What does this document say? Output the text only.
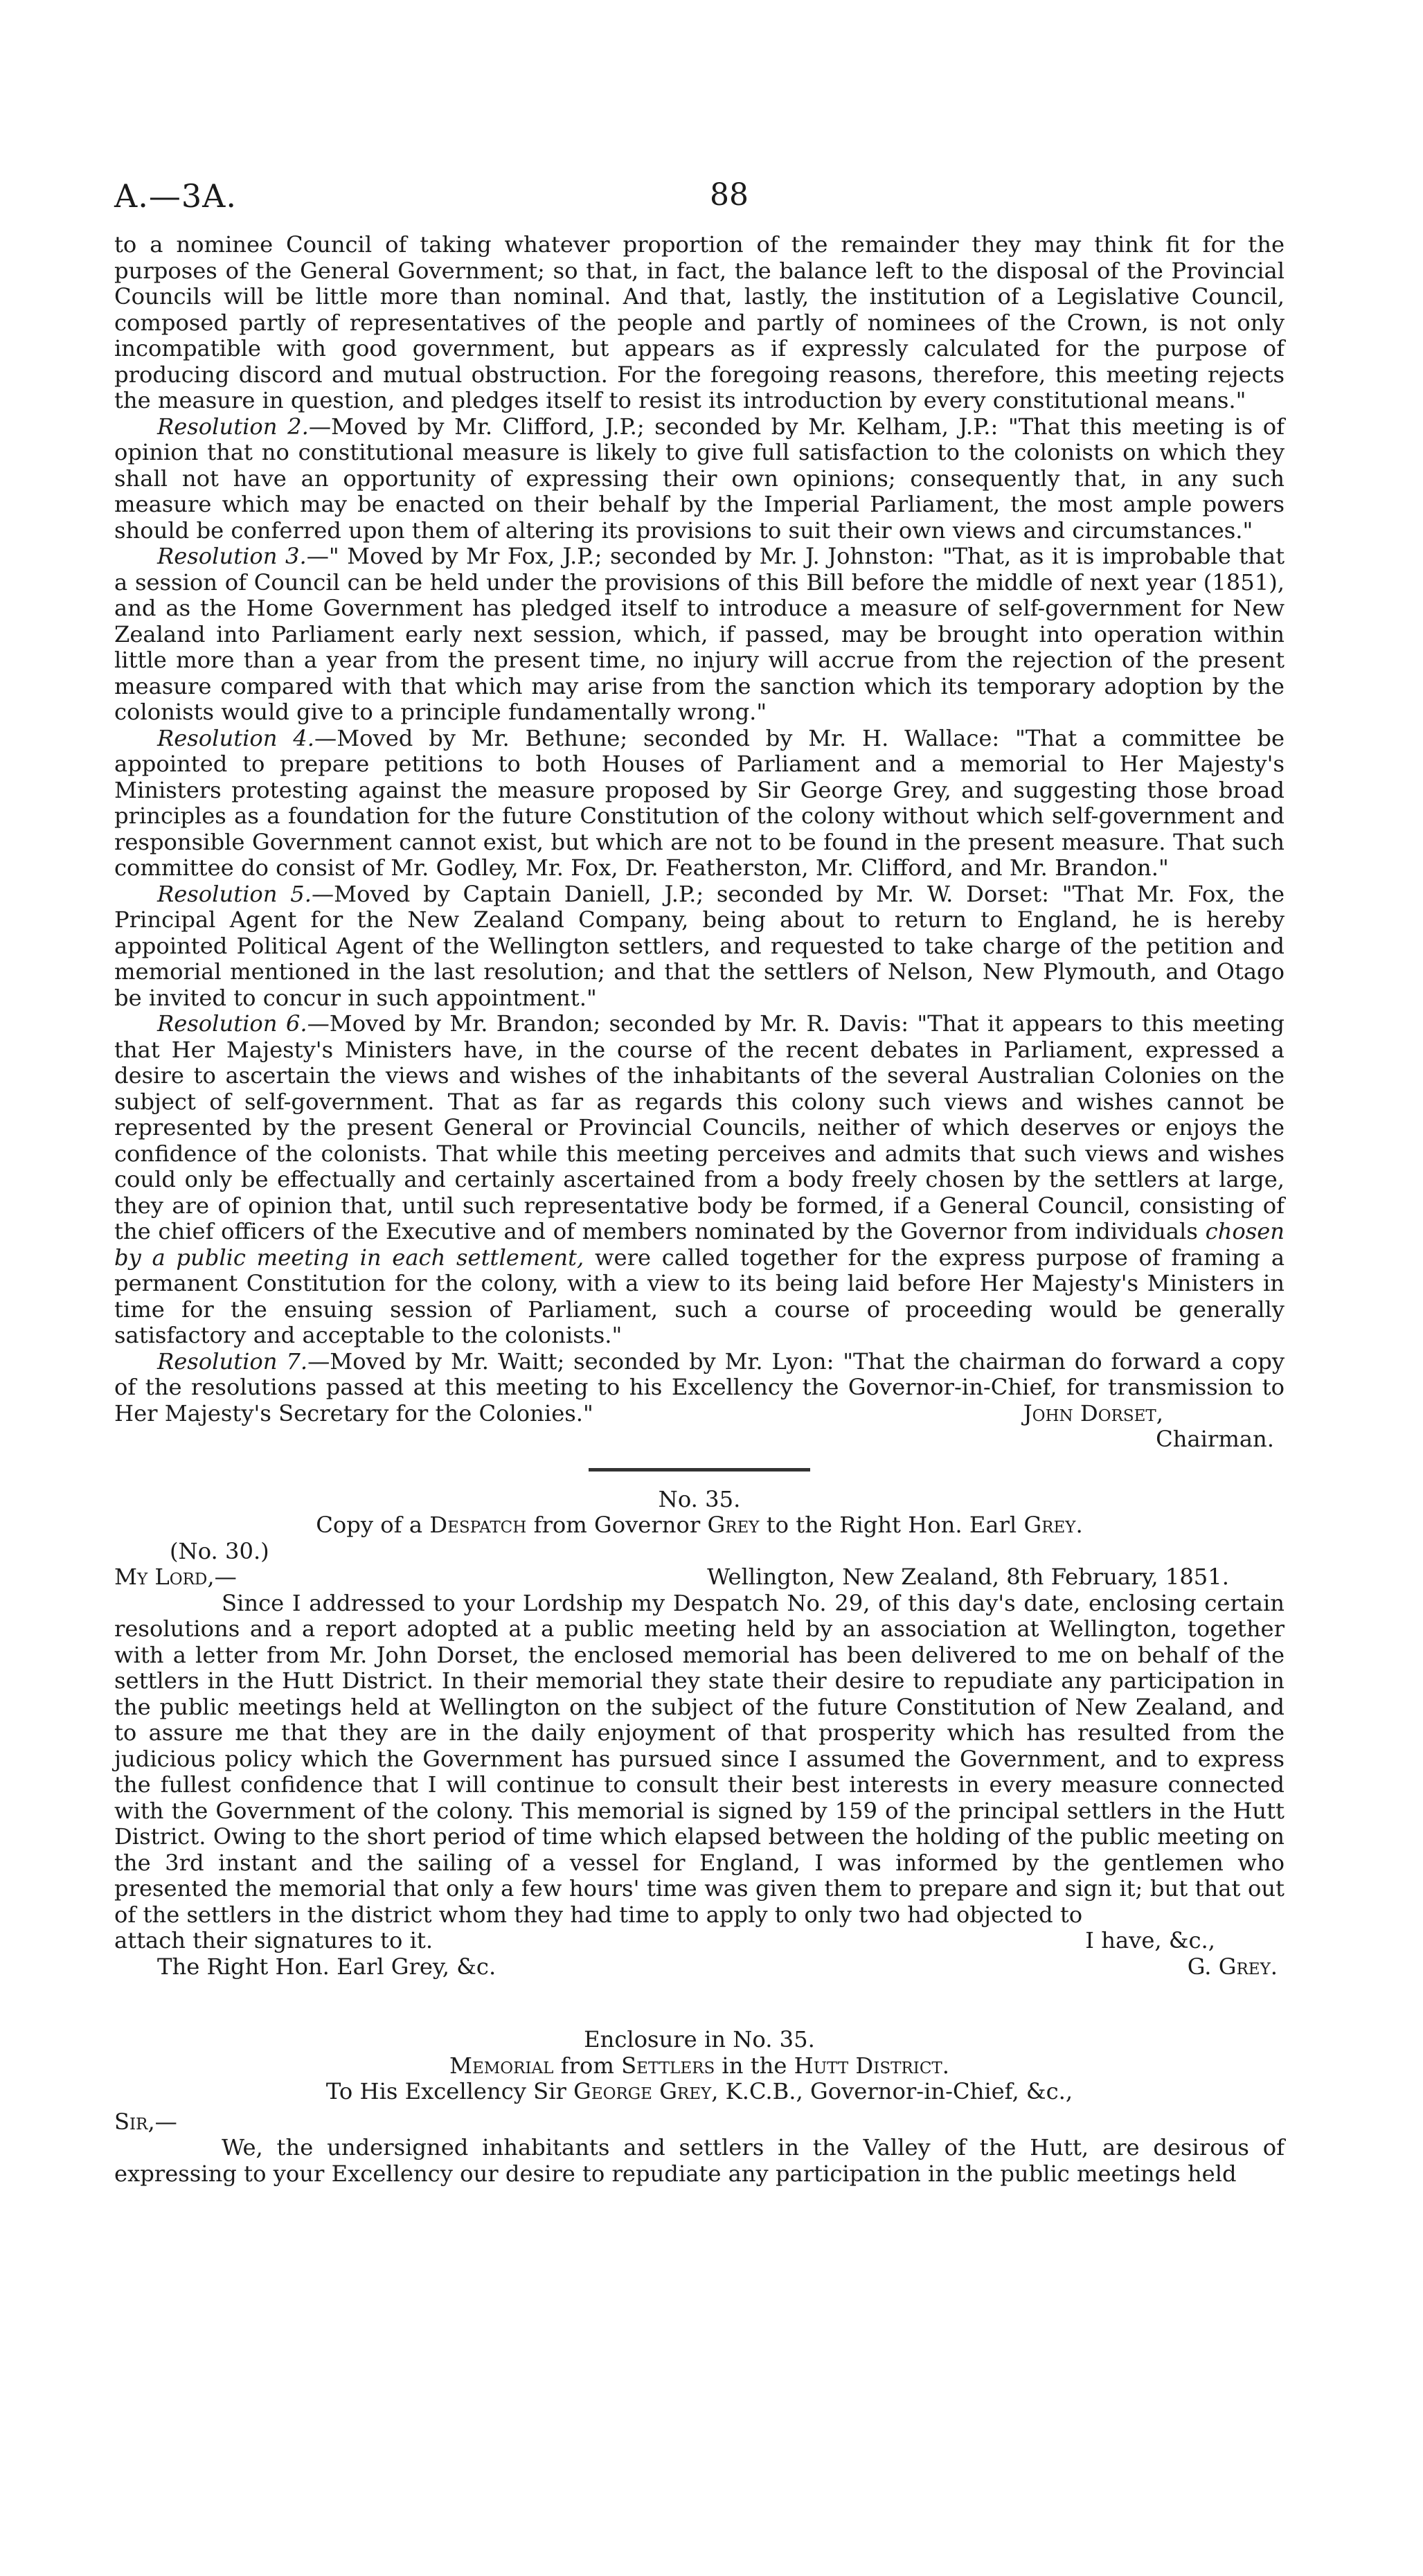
A.—3A.	88

to a nominee Council of taking whatever proportion of the remainder they may think fit for the purposes of the General Government; so that, in fact, the balance left to the disposal of the Provincial Councils will be little more than nominal. And that, lastly, the institution of a Legislative Council, composed partly of representatives of the people and partly of nominees of the Crown, is not only incompatible with good government, but appears as if expressly calculated for the purpose of producing discord and mutual obstruction. For the foregoing reasons, therefore, this meeting rejects the measure in question, and pledges itself to resist its introduction by every constitutional means."

Resolution 2.—Moved by Mr. Clifford, J.P.; seconded by Mr. Kelham, J.P.: "That this meeting is of opinion that no constitutional measure is likely to give full satisfaction to the colonists on which they shall not have an opportunity of expressing their own opinions; consequently that, in any such measure which may be enacted on their behalf by the Imperial Parliament, the most ample powers should be conferred upon them of altering its provisions to suit their own views and circumstances."

Resolution 3.—" Moved by Mr Fox, J.P.; seconded by Mr. J. Johnston: "That, as it is improbable that a session of Council can be held under the provisions of this Bill before the middle of next year (1851), and as the Home Government has pledged itself to introduce a measure of self-government for New Zealand into Parliament early next session, which, if passed, may be brought into operation within little more than a year from the present time, no injury will accrue from the rejection of the present measure compared with that which may arise from the sanction which its temporary adoption by the colonists would give to a principle fundamentally wrong."

Resolution 4.—Moved by Mr. Bethune; seconded by Mr. H. Wallace: "That a committee be appointed to prepare petitions to both Houses of Parliament and a memorial to Her Majesty's Ministers protesting against the measure proposed by Sir George Grey, and suggesting those broad principles as a foundation for the future Constitution of the colony without which self-government and responsible Government cannot exist, but which are not to be found in the present measure. That such committee do consist of Mr. Godley, Mr. Fox, Dr. Featherston, Mr. Clifford, and Mr. Brandon."

Resolution 5.—Moved by Captain Daniell, J.P.; seconded by Mr. W. Dorset: "That Mr. Fox, the Principal Agent for the New Zealand Company, being about to return to England, he is hereby appointed Political Agent of the Wellington settlers, and requested to take charge of the petition and memorial mentioned in the last resolution; and that the settlers of Nelson, New Plymouth, and Otago be invited to concur in such appointment."

Resolution 6.—Moved by Mr. Brandon; seconded by Mr. R. Davis: "That it appears to this meeting that Her Majesty's Ministers have, in the course of the recent debates in Parliament, expressed a desire to ascertain the views and wishes of the inhabitants of the several Australian Colonies on the subject of self-government. That as far as regards this colony such views and wishes cannot be represented by the present General or Provincial Councils, neither of which deserves or enjoys the confidence of the colonists. That while this meeting perceives and admits that such views and wishes could only be effectually and certainly ascertained from a body freely chosen by the settlers at large, they are of opinion that, until such representative body be formed, if a General Council, consisting of the chief officers of the Executive and of members nominated by the Governor from individuals chosen by a public meeting in each settlement, were called together for the express purpose of framing a permanent Constitution for the colony, with a view to its being laid before Her Majesty's Ministers in time for the ensuing session of Parliament, such a course of proceeding would be generally satisfactory and acceptable to the colonists."

Resolution 7.—Moved by Mr. Waitt; seconded by Mr. Lyon: "That the chairman do forward a copy of the resolutions passed at this meeting to his Excellency the Governor-in-Chief, for transmission to Her Majesty's Secretary for the Colonies."	John Dorset,

Chairman.

No. 35.

Copy of a Despatch from Governor Grey to the Right Hon. Earl Grey.

(No. 30.)

My Lord,—	Wellington, New Zealand, 8th February, 1851.

Since I addressed to your Lordship my Despatch No. 29, of this day's date, enclosing certain resolutions and a report adopted at a public meeting held by an association at Wellington, together with a letter from Mr. John Dorset, the enclosed memorial has been delivered to me on behalf of the settlers in the Hutt District. In their memorial they state their desire to repudiate any participation in the public meetings held at Wellington on the subject of the future Constitution of New Zealand, and to assure me that they are in the daily enjoyment of that prosperity which has resulted from the judicious policy which the Government has pursued since I assumed the Government, and to express the fullest confidence that I will continue to consult their best interests in every measure connected with the Government of the colony. This memorial is signed by 159 of the principal settlers in the Hutt District. Owing to the short period of time which elapsed between the holding of the public meeting on the 3rd instant and the sailing of a vessel for England, I was informed by the gentlemen who presented the memorial that only a few hours' time was given them to prepare and sign it; but that out of the settlers in the district whom they had time to apply to only two had objected to

attach their signatures to it.	I have, &c.,
The Right Hon. Earl Grey, &c.	G. Grey.

Enclosure in No. 35.

Memorial from Settlers in the Hutt District.

To His Excellency Sir George Grey, K.C.B., Governor-in-Chief, &c.,

Sir,—

We, the undersigned inhabitants and settlers in the Valley of the Hutt, are desirous of expressing to your Excellency our desire to repudiate any participation in the public meetings held
